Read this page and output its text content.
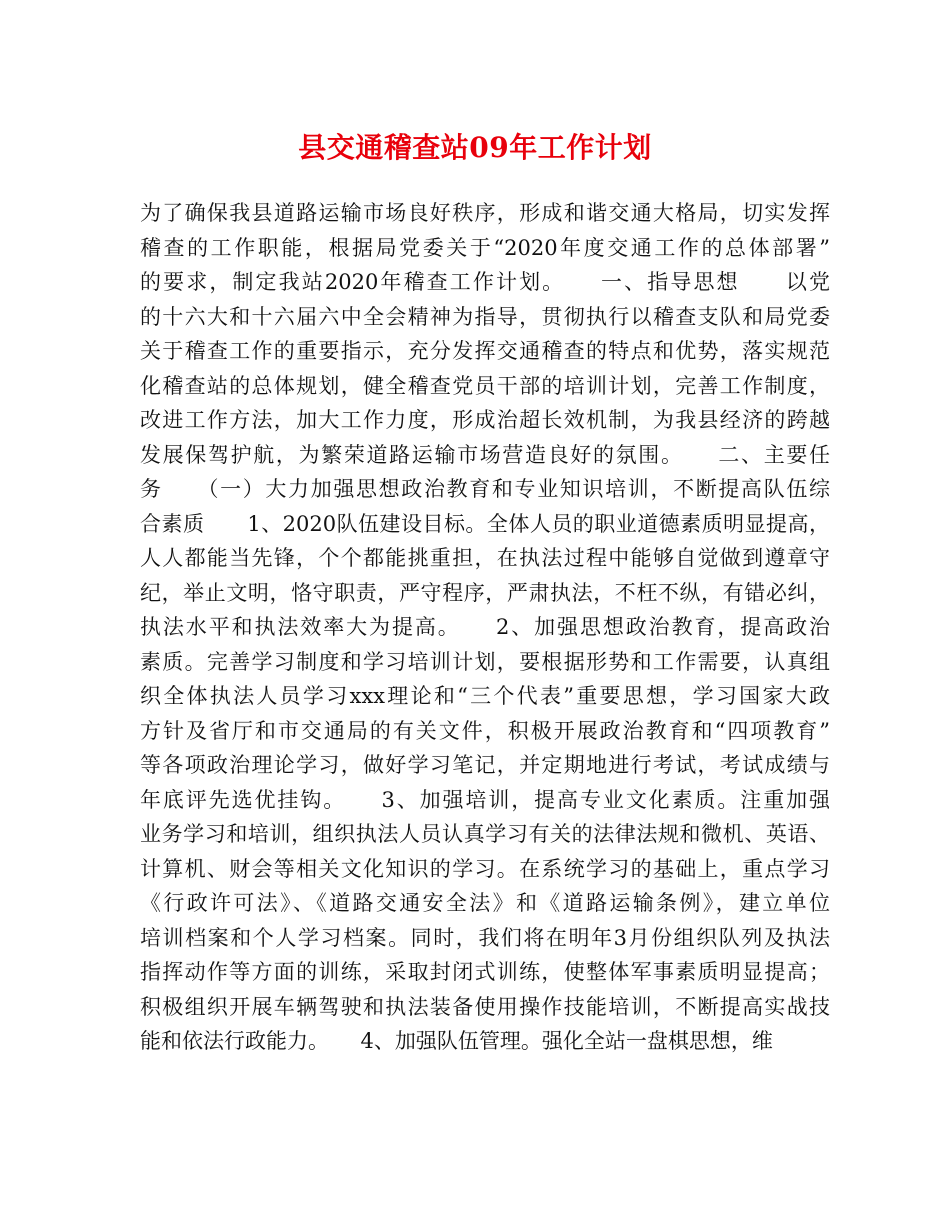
县交通稽查站09年工作计划
为了确保我县道路运输市场良好秩序，形成和谐交通大格局，切实发挥
稽查的工作职能，根据局党委关于“2020年度交通工作的总体部署”
的要求，制定我站2020年稽查工作计划。　　一、指导思想　　以党
的十六大和十六届六中全会精神为指导，贯彻执行以稽查支队和局党委
关于稽查工作的重要指示，充分发挥交通稽查的特点和优势，落实规范
化稽查站的总体规划，健全稽查党员干部的培训计划，完善工作制度，
改进工作方法，加大工作力度，形成治超长效机制，为我县经济的跨越
发展保驾护航，为繁荣道路运输市场营造良好的氛围。　　二、主要任
务　　（一）大力加强思想政治教育和专业知识培训，不断提高队伍综
合素质　　1、2020队伍建设目标。全体人员的职业道德素质明显提高，
人人都能当先锋，个个都能挑重担，在执法过程中能够自觉做到遵章守
纪，举止文明，恪守职责，严守程序，严肃执法，不枉不纵，有错必纠，
执法水平和执法效率大为提高。　　2、加强思想政治教育，提高政治
素质。完善学习制度和学习培训计划，要根据形势和工作需要，认真组
织全体执法人员学习xxx理论和“三个代表”重要思想，学习国家大政
方针及省厅和市交通局的有关文件，积极开展政治教育和“四项教育”
等各项政治理论学习，做好学习笔记，并定期地进行考试，考试成绩与
年底评先选优挂钩。　　3、加强培训，提高专业文化素质。注重加强
业务学习和培训，组织执法人员认真学习有关的法律法规和微机、英语、
计算机、财会等相关文化知识的学习。在系统学习的基础上，重点学习
《行政许可法》、《道路交通安全法》和《道路运输条例》，建立单位
培训档案和个人学习档案。同时，我们将在明年3月份组织队列及执法
指挥动作等方面的训练，采取封闭式训练，使整体军事素质明显提高；
积极组织开展车辆驾驶和执法装备使用操作技能培训，不断提高实战技
能和依法行政能力。　　4、加强队伍管理。强化全站一盘棋思想，维
